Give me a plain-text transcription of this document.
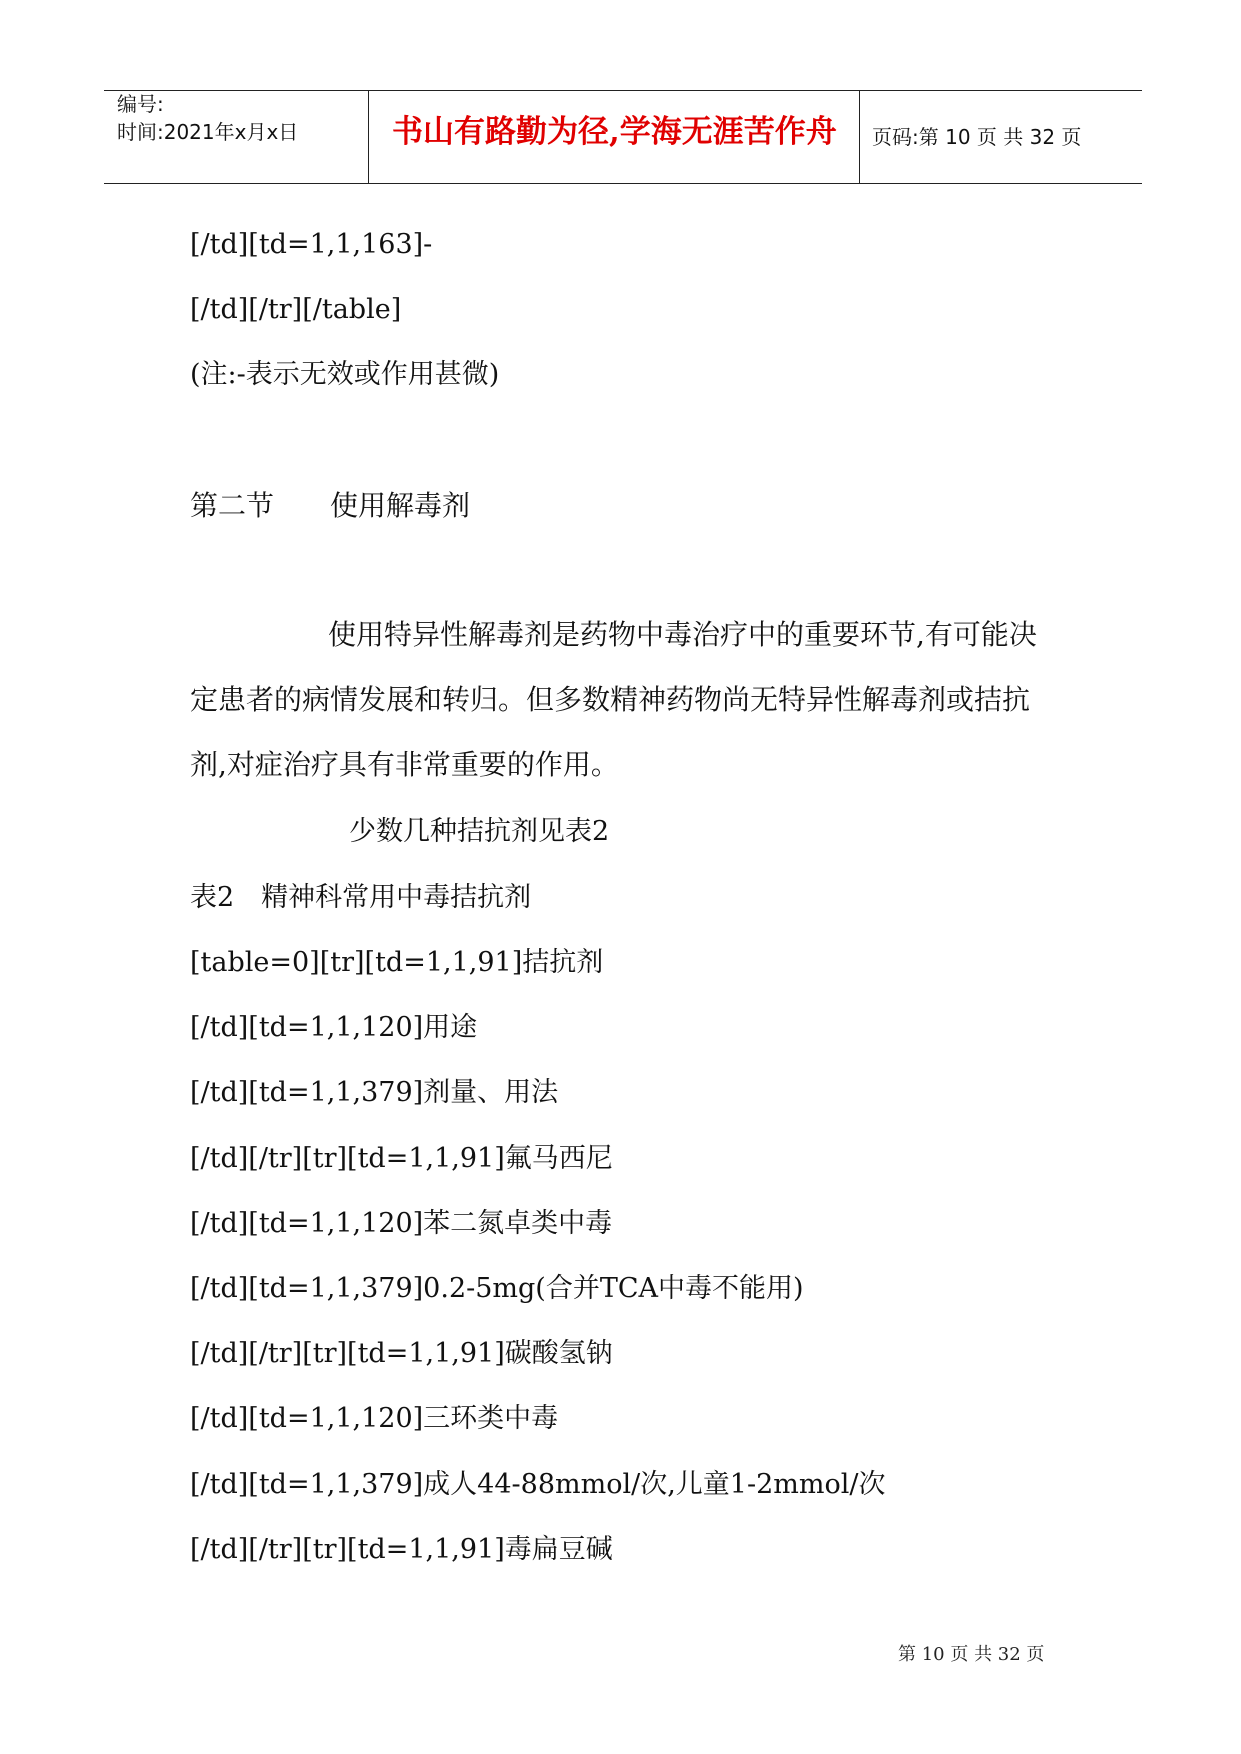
编号:
时间:2021年x月x日	书山有路勤为径,学海无涯苦作舟 页码:第 10 页 共 32 页
[/td][td=1,1,163]-
[/td][/tr][/table]
(注:-表示无效或作用甚微)
第二节　　使用解毒剂
使用特异性解毒剂是药物中毒治疗中的重要环节,有可能决定患者的病情发展和转归。但多数精神药物尚无特异性解毒剂或拮抗剂,对症治疗具有非常重要的作用。
少数几种拮抗剂见表2
表2　精神科常用中毒拮抗剂
[table=0][tr][td=1,1,91]拮抗剂
[/td][td=1,1,120]用途
[/td][td=1,1,379]剂量、用法
[/td][/tr][tr][td=1,1,91]氟马西尼
[/td][td=1,1,120]苯二氮卓类中毒
[/td][td=1,1,379]0.2-5mg(合并TCA中毒不能用)
[/td][/tr][tr][td=1,1,91]碳酸氢钠
[/td][td=1,1,120]三环类中毒
[/td][td=1,1,379]成人44-88mmol/次,儿童1-2mmol/次
[/td][/tr][tr][td=1,1,91]毒扁豆碱
第 10 页 共 32 页
